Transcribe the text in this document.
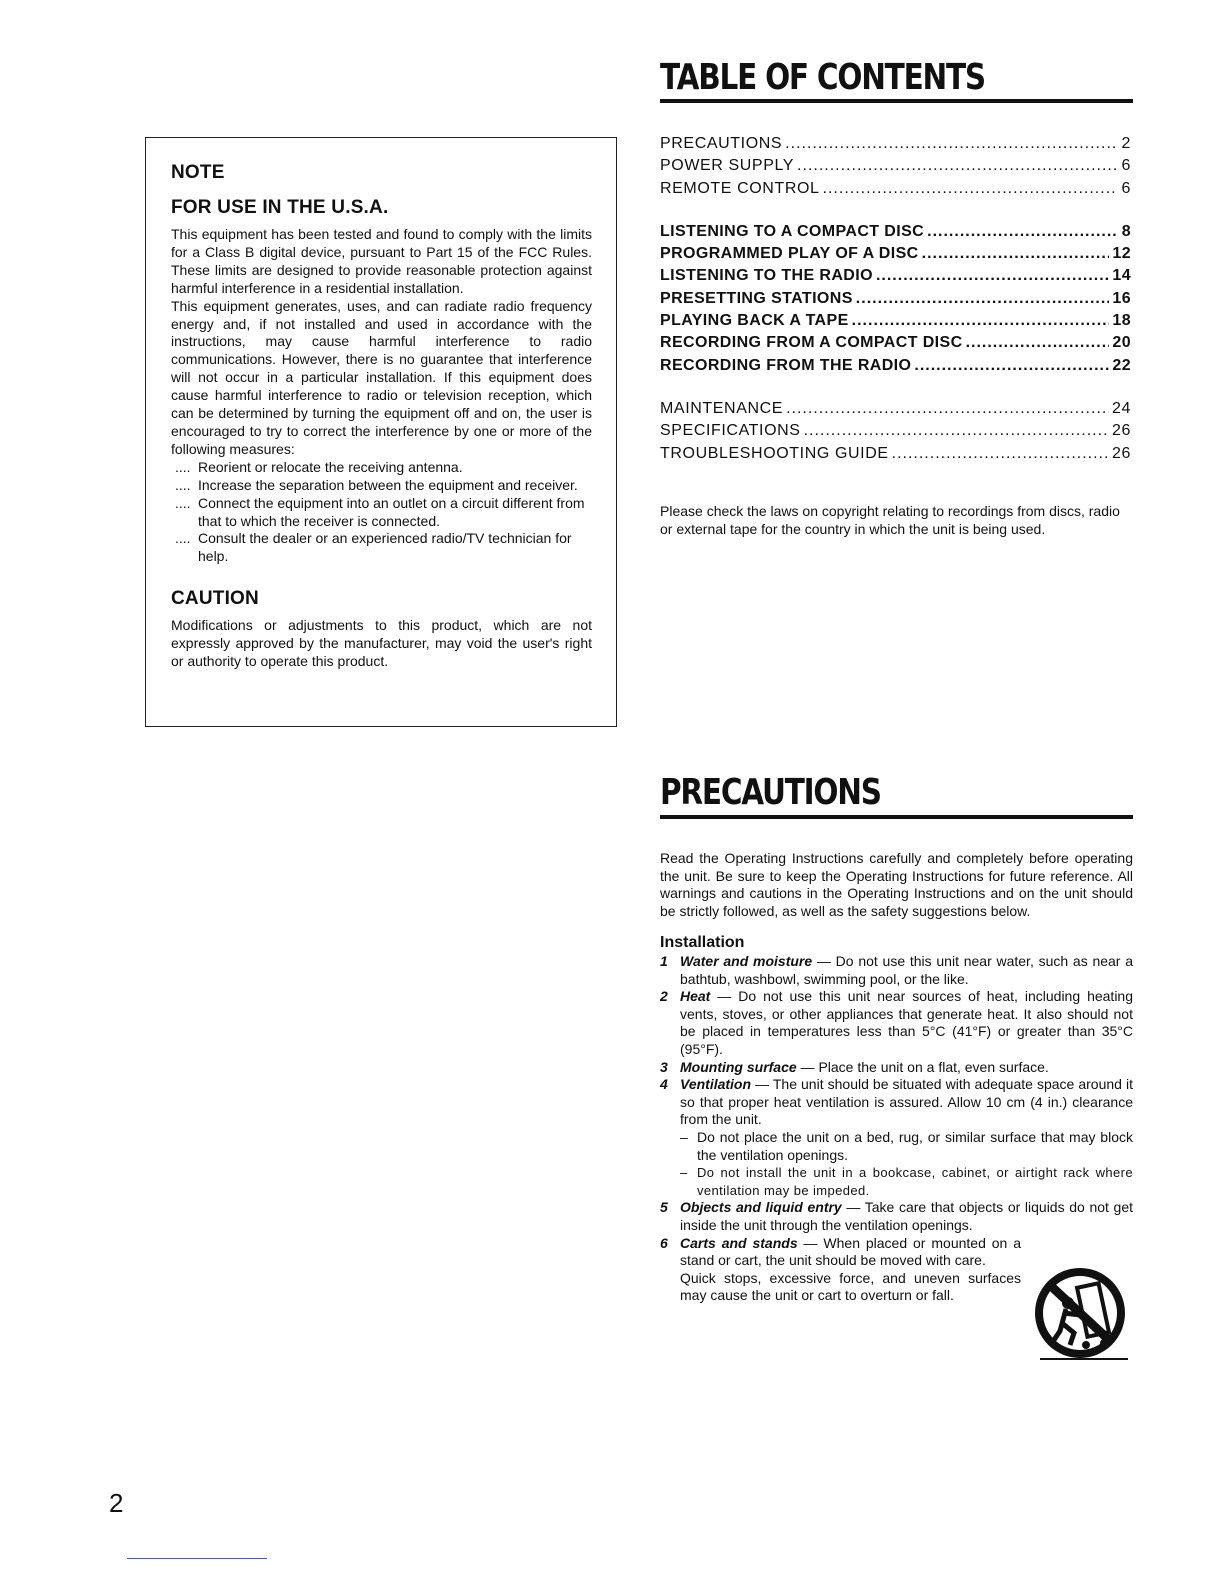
NOTE
FOR USE IN THE U.S.A.

This equipment has been tested and found to comply with the limits for a Class B digital device, pursuant to Part 15 of the FCC Rules. These limits are designed to provide reasonable protection against harmful interference in a residential installation.

This equipment generates, uses, and can radiate radio frequency energy and, if not installed and used in accordance with the instructions, may cause harmful interference to radio communications. However, there is no guarantee that interference will not occur in a particular installation. If this equipment does cause harmful interference to radio or television reception, which can be determined by turning the equipment off and on, the user is encouraged to try to correct the interference by one or more of the following measures:

.... Reorient or relocate the receiving antenna.
.... Increase the separation between the equipment and receiver.
.... Connect the equipment into an outlet on a circuit different from that to which the receiver is connected.
.... Consult the dealer or an experienced radio/TV technician for help.
CAUTION

Modifications or adjustments to this product, which are not expressly approved by the manufacturer, may void the user's right or authority to operate this product.

TABLE OF CONTENTS
PRECAUTIONS .....	2
POWER SUPPLY .....	6
REMOTE CONTROL .....	6
LISTENING TO A COMPACT DISC .....	8
PROGRAMMED PLAY OF A DISC .....	12
LISTENING TO THE RADIO .....	14
PRESETTING STATIONS .....	16
PLAYING BACK A TAPE .....	18
RECORDING FROM A COMPACT DISC .....	20
RECORDING FROM THE RADIO .....	22
MAINTENANCE .....	24
SPECIFICATIONS .....	26
TROUBLESHOOTING GUIDE .....	26

Please check the laws on copyright relating to recordings from discs, radio or external tape for the country in which the unit is being used.

PRECAUTIONS

Read the Operating Instructions carefully and completely before operating the unit. Be sure to keep the Operating Instructions for future reference. All warnings and cautions in the Operating Instructions and on the unit should be strictly followed, as well as the safety suggestions below.

Installation
1 Water and moisture — Do not use this unit near water, such as near a bathtub, washbowl, swimming pool, or the like.
2 Heat — Do not use this unit near sources of heat, including heating vents, stoves, or other appliances that generate heat. It also should not be placed in temperatures less than 5°C (41°F) or greater than 35°C (95°F).
3 Mounting surface — Place the unit on a flat, even surface.
4 Ventilation — The unit should be situated with adequate space around it so that proper heat ventilation is assured. Allow 10 cm (4 in.) clearance from the unit.
– Do not place the unit on a bed, rug, or similar surface that may block the ventilation openings.
– Do not install the unit in a bookcase, cabinet, or airtight rack where ventilation may be impeded.
5 Objects and liquid entry — Take care that objects or liquids do not get inside the unit through the ventilation openings.
6 Carts and stands — When placed or mounted on a stand or cart, the unit should be moved with care.
Quick stops, excessive force, and uneven surfaces may cause the unit or cart to overturn or fall.

2
